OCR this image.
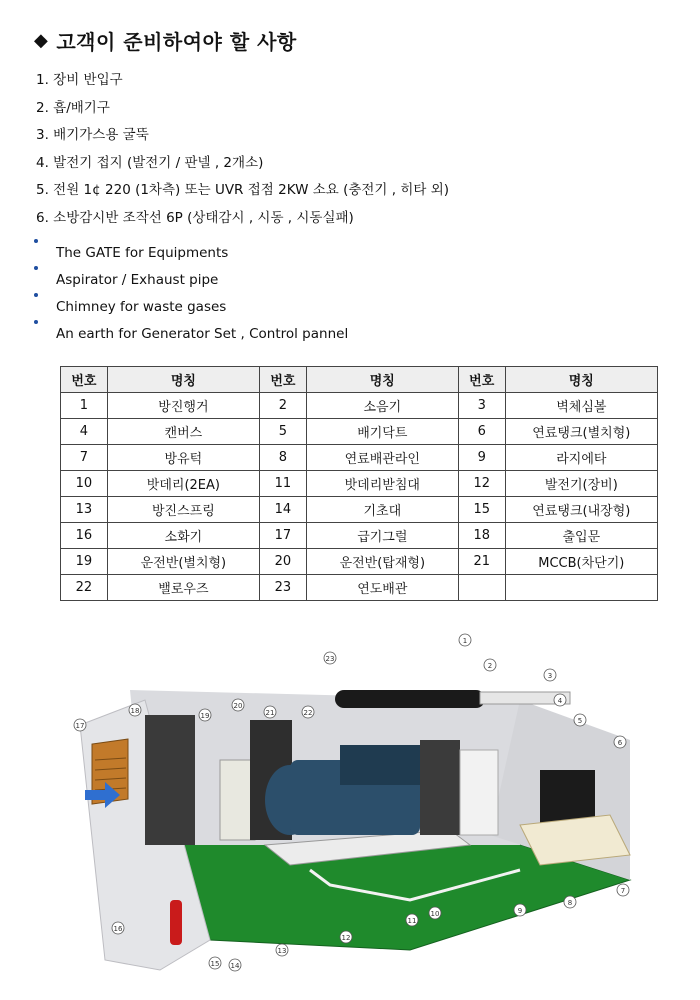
◆ 고객이 준비하여야 할 사항
1. 장비 반입구
2. 흡/배기구
3. 배기가스용 굴뚝
4. 발전기 접지 (발전기 / 판넬 , 2개소)
5. 전원 1¢ 220 (1차측) 또는 UVR 접점 2KW 소요 (충전기 , 히타 외)
6. 소방감시반 조작선 6P (상태감시 , 시동 , 시동실패)
The GATE for Equipments
Aspirator / Exhaust pipe
Chimney for waste gases
An earth for Generator Set , Control pannel
번호	명칭	번호	명칭	번호	명칭
1	방진행거	2	소음기	3	벽체심볼
4	캔버스	5	배기닥트	6	연료탱크(별치형)
7	방유턱	8	연료배관라인	9	라지에타
10	밧데리(2EA)	11	밧데리받침대	12	발전기(장비)
13	방진스프링	14	기초대	15	연료탱크(내장형)
16	소화기	17	급기그럴	18	출입문
19	운전반(별치형)	20	운전반(탑재형)	21	MCCB(차단기)
22	밸로우즈	23	연도배관		
1
2
3
4
5
6
7
8
9
10
11
12
13
14
15
16
17
18
19
20
21	22
23
